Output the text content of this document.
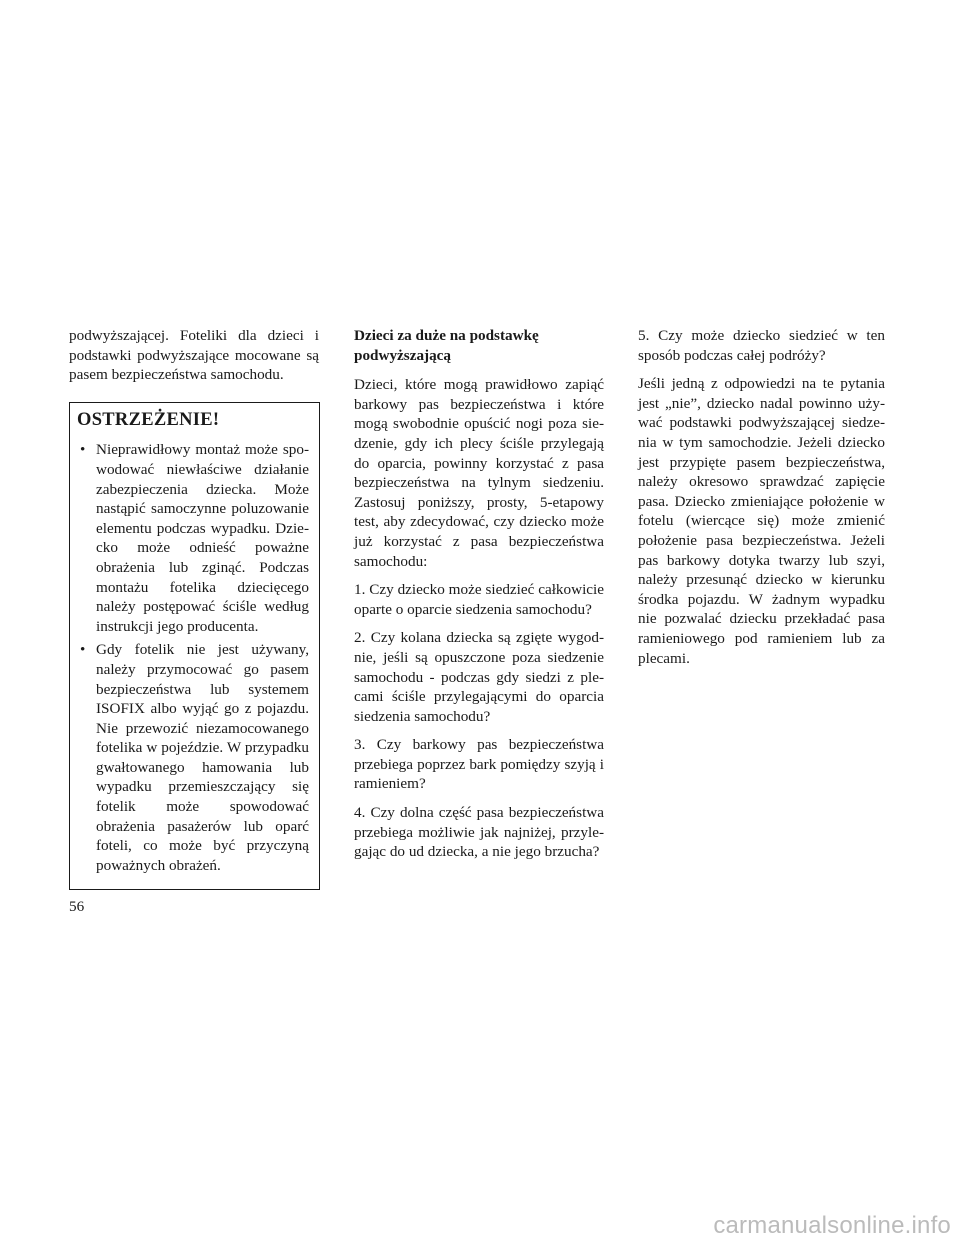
podwyższającej. Foteliki dla dzieci i podstawki podwyższające mocowane są pasem bezpieczeństwa samochodu.

OSTRZEŻENIE!
• Nieprawidłowy montaż może spowodować niewłaściwe działanie zabezpieczenia dziecka. Może nastąpić samoczynne poluzowanie elementu podczas wypadku. Dziecko może odnieść poważne obrażenia lub zginąć. Podczas montażu fotelika dziecięcego należy postępować ściśle według instrukcji jego producenta.
• Gdy fotelik nie jest używany, należy przymocować go pasem bezpieczeństwa lub systemem ISOFIX albo wyjąć go z pojazdu. Nie przewozić niezamocowanego fotelika w pojeździe. W przypadku gwałtowanego hamowania lub wypadku przemieszczający się fotelik może spowodować obrażenia pasażerów lub oparć foteli, co może być przyczyną poważnych obrażeń.
Dzieci za duże na podstawkę podwyższającą

Dzieci, które mogą prawidłowo zapiąć barkowy pas bezpieczeństwa i które mogą swobodnie opuścić nogi poza siedzenie, gdy ich plecy ściśle przylegają do oparcia, powinny korzystać z pasa bezpieczeństwa na tylnym siedzeniu. Zastosuj poniższy, prosty, 5-etapowy test, aby zdecydować, czy dziecko może już korzystać z pasa bezpieczeństwa samochodu:

1. Czy dziecko może siedzieć całkowicie oparte o oparcie siedzenia samochodu?

2. Czy kolana dziecka są zgięte wygodnie, jeśli są opuszczone poza siedzenie samochodu - podczas gdy siedzi z plecami ściśle przylegającymi do oparcia siedzenia samochodu?

3. Czy barkowy pas bezpieczeństwa przebiega poprzez bark pomiędzy szyją i ramieniem?

4. Czy dolna część pasa bezpieczeństwa przebiega możliwie jak najniżej, przylegając do ud dziecka, a nie jego brzucha?

5. Czy może dziecko siedzieć w ten sposób podczas całej podróży?

Jeśli jedną z odpowiedzi na te pytania jest „nie”, dziecko nadal powinno używać podstawki podwyższającej siedzenia w tym samochodzie. Jeżeli dziecko jest przypięte pasem bezpieczeństwa, należy okresowo sprawdzać zapięcie pasa. Dziecko zmieniające położenie w fotelu (wiercące się) może zmienić położenie pasa bezpieczeństwa. Jeżeli pas barkowy dotyka twarzy lub szyi, należy przesunąć dziecko w kierunku środka pojazdu. W żadnym wypadku nie pozwalać dziecku przekładać pasa ramieniowego pod ramieniem lub za plecami.

56
carmanualsonline.info
